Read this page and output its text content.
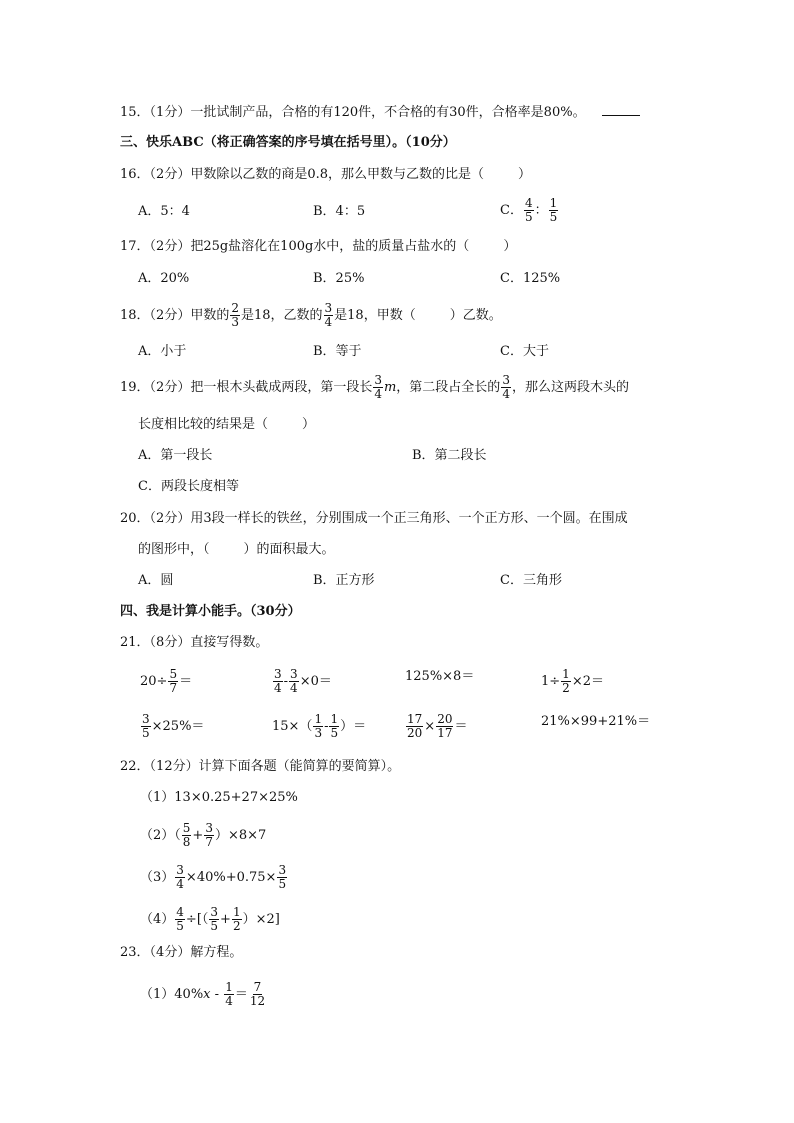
15．（1分）一批试制产品，合格的有120件，不合格的有30件，合格率是80%。
三、快乐ABC（将正确答案的序号填在括号里）。（10分）
16．（2分）甲数除以乙数的商是0.8，那么甲数与乙数的比是（	）
A．5：4	B．4：5	C． $\frac{4}{5}$ ： $\frac{1}{5}$
17．（2分）把25g盐溶化在100g水中，盐的质量占盐水的（	）
A．20%	B．25%	C．125%
18．（2分）甲数的 $\frac{2}{3}$ 是18，乙数的 $\frac{3}{4}$ 是18，甲数（	）乙数。
A．小于	B．等于	C．大于
19．（2分）把一根木头截成两段，第一段长 $\frac{3}{4}$ m，第二段占全长的 $\frac{3}{4}$ ，那么这两段木头的
长度相比较的结果是（	）
A．第一段长	B．第二段长
C．两段长度相等
20．（2分）用3段一样长的铁丝，分别围成一个正三角形、一个正方形、一个圆。在围成
的图形中，（	）的面积最大。
A．圆	B．正方形	C．三角形
四、我是计算小能手。（30分）
21．（8分）直接写得数。
$20\div \frac{5}{7}$ ＝	$\frac{3}{4} - \frac{3}{4} \times 0=$	125%×8＝	$1\div \frac{1}{2} \times 2=$
$\frac{3}{5} \times 25\%=$	$15\times( \frac{1}{3} - \frac{1}{5}$ ）＝	$\frac{17}{20} \times \frac{20}{17}$ ＝	21%×99+21%＝
22．（12分）计算下面各题（能简算的要简算）。
（1）13×0.25+27×25%
$(2)( \frac{5}{8} + \frac{3}{7} )\times 8\times 7$
$(3) \frac{3}{4} \times 40\%+0.75\times \frac{3}{5}$
$(4) \frac{4}{5}$ ÷[（ $\frac{3}{5} + \frac{1}{2} )\times 2$]
23．（4分）解方程。
$(1)40\%x - \frac{1}{4} = \frac{7}{12}$
